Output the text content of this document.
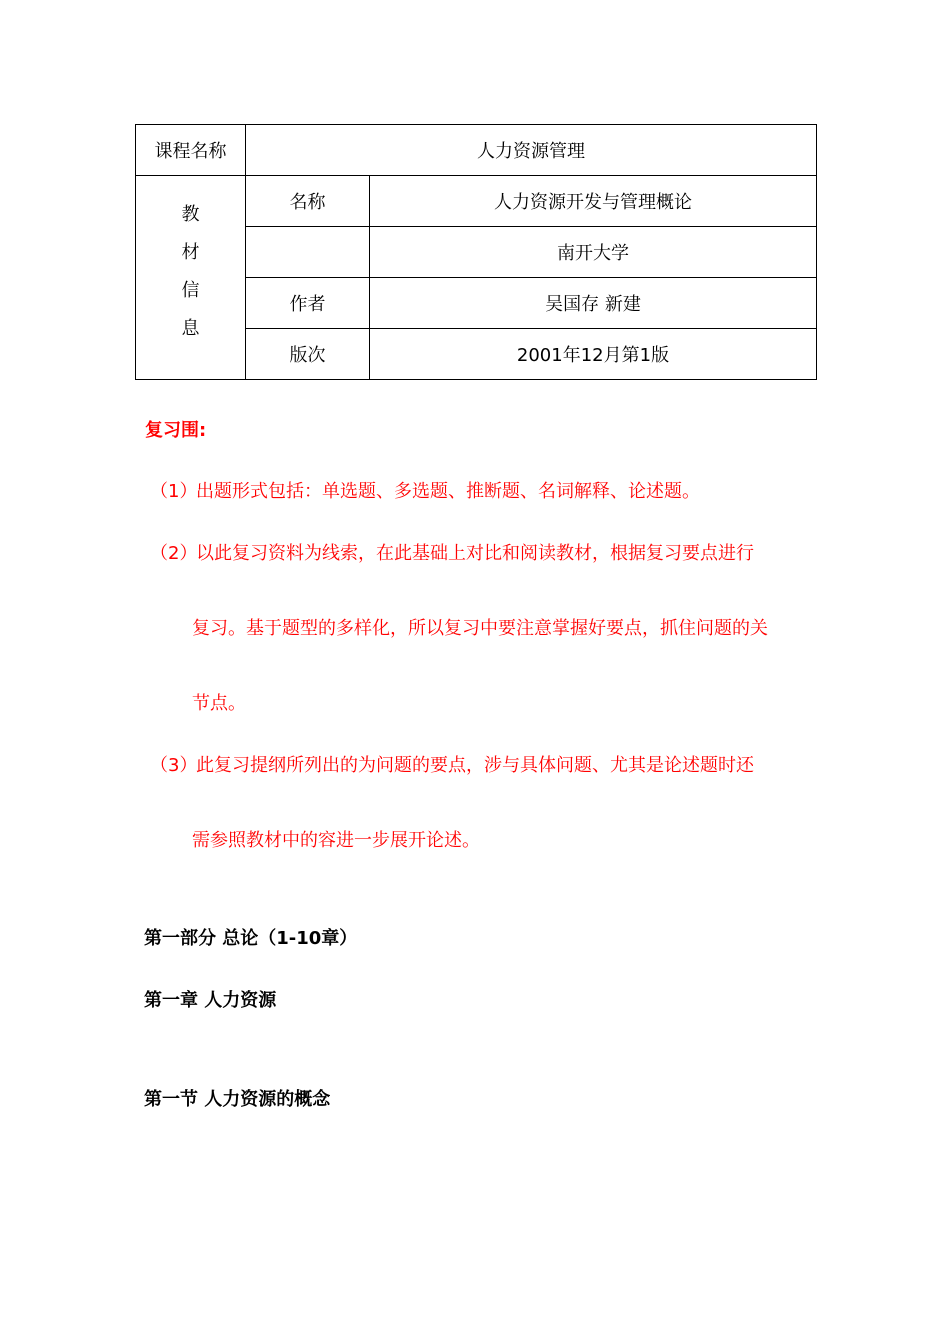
课程名称	人力资源管理	

教
材
信
息	名称	人力资源开发与管理概论
		南开大学
	作者	吴国存 新建
	版次	2001年12月第1版

复习围:

（1）

出题形式包括：单选题、多选题、推断题、名词解释、论述题。

（2）

以此复习资料为线索，在此基础上对比和阅读教材，根据复习要点进行

复习。基于题型的多样化，所以复习中要注意掌握好要点，抓住问题的关

节点。

（3）

此复习提纲所列出的为问题的要点，涉与具体问题、尤其是论述题时还

需参照教材中的容进一步展开论述。

第一部分 总论（1-10章）

第一章 人力资源

第一节 人力资源的概念
